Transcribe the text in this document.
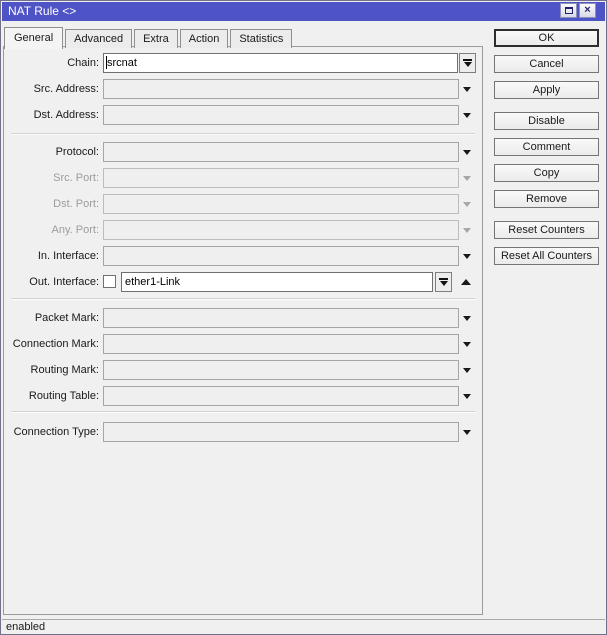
NAT Rule <>	×
General	Advanced	Extra	Action	Statistics
Chain:
srcnat
Src. Address:
Dst. Address:
Protocol:
Src. Port:
Dst. Port:
Any. Port:
In. Interface:
Out. Interface:
ether1-Link
Packet Mark:
Connection Mark:
Routing Mark:
Routing Table:
Connection Type:
OK
Cancel
Apply
Disable
Comment
Copy
Remove
Reset Counters
Reset All Counters
enabled
